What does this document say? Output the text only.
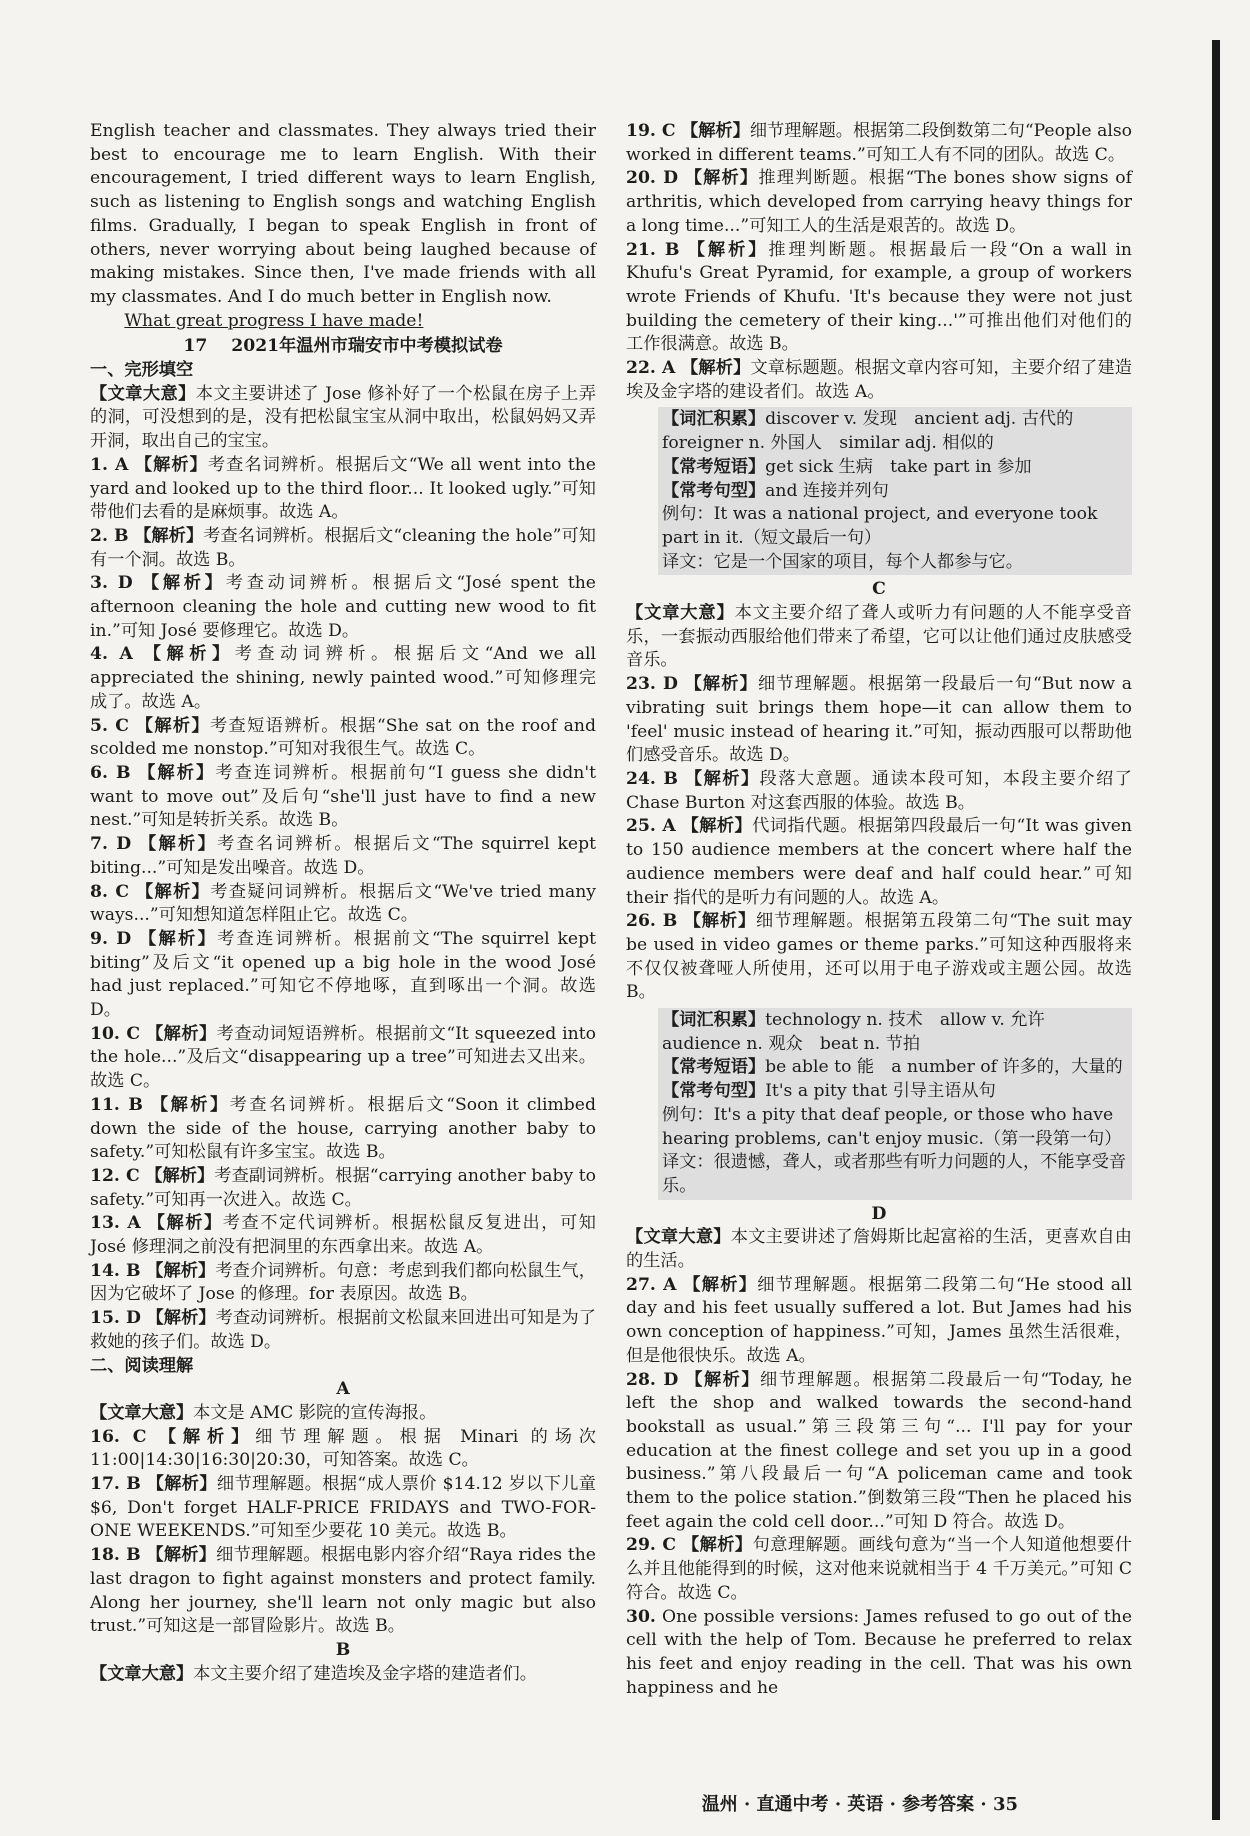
English teacher and classmates. They always tried their best to encourage me to learn English. With their encouragement, I tried different ways to learn English, such as listening to English songs and watching English films. Gradually, I began to speak English in front of others, never worrying about being laughed because of making mistakes. Since then, I've made friends with all my classmates. And I do much better in English now.

What great progress I have made!

17 2021年温州市瑞安市中考模拟试卷

一、完形填空

【文章大意】本文主要讲述了 Jose 修补好了一个松鼠在房子上弄的洞，可没想到的是，没有把松鼠宝宝从洞中取出，松鼠妈妈又弄开洞，取出自己的宝宝。

1. A 【解析】考查名词辨析。根据后文“We all went into the yard and looked up to the third floor... It looked ugly.”可知带他们去看的是麻烦事。故选 A。

2. B 【解析】考查名词辨析。根据后文“cleaning the hole”可知有一个洞。故选 B。

3. D 【解析】考查动词辨析。根据后文“José spent the afternoon cleaning the hole and cutting new wood to fit in.”可知 José 要修理它。故选 D。

4. A 【解析】考查动词辨析。根据后文“And we all appreciated the shining, newly painted wood.”可知修理完成了。故选 A。

5. C 【解析】考查短语辨析。根据“She sat on the roof and scolded me nonstop.”可知对我很生气。故选 C。

6. B 【解析】考查连词辨析。根据前句“I guess she didn't want to move out”及后句“she'll just have to find a new nest.”可知是转折关系。故选 B。

7. D 【解析】考查名词辨析。根据后文“The squirrel kept biting...”可知是发出噪音。故选 D。

8. C 【解析】考查疑问词辨析。根据后文“We've tried many ways...”可知想知道怎样阻止它。故选 C。

9. D 【解析】考查连词辨析。根据前文“The squirrel kept biting”及后文“it opened up a big hole in the wood José had just replaced.”可知它不停地啄，直到啄出一个洞。故选 D。

10. C 【解析】考查动词短语辨析。根据前文“It squeezed into the hole...”及后文“disappearing up a tree”可知进去又出来。故选 C。

11. B 【解析】考查名词辨析。根据后文“Soon it climbed down the side of the house, carrying another baby to safety.”可知松鼠有许多宝宝。故选 B。

12. C 【解析】考查副词辨析。根据“carrying another baby to safety.”可知再一次进入。故选 C。

13. A 【解析】考查不定代词辨析。根据松鼠反复进出，可知 José 修理洞之前没有把洞里的东西拿出来。故选 A。

14. B 【解析】考查介词辨析。句意：考虑到我们都向松鼠生气，因为它破坏了 Jose 的修理。for 表原因。故选 B。

15. D 【解析】考查动词辨析。根据前文松鼠来回进出可知是为了救她的孩子们。故选 D。

二、阅读理解

A

【文章大意】本文是 AMC 影院的宣传海报。

16. C 【解析】细节理解题。根据 Minari 的场次 11:00|14:30|16:30|20:30，可知答案。故选 C。

17. B 【解析】细节理解题。根据“成人票价 $14.12 岁以下儿童 $6, Don't forget HALF-PRICE FRIDAYS and TWO-FOR-ONE WEEKENDS.”可知至少要花 10 美元。故选 B。

18. B 【解析】细节理解题。根据电影内容介绍“Raya rides the last dragon to fight against monsters and protect family. Along her journey, she'll learn not only magic but also trust.”可知这是一部冒险影片。故选 B。

B

【文章大意】本文主要介绍了建造埃及金字塔的建造者们。

19. C 【解析】细节理解题。根据第二段倒数第二句“People also worked in different teams.”可知工人有不同的团队。故选 C。

20. D 【解析】推理判断题。根据“The bones show signs of arthritis, which developed from carrying heavy things for a long time...”可知工人的生活是艰苦的。故选 D。

21. B 【解析】推理判断题。根据最后一段“On a wall in Khufu's Great Pyramid, for example, a group of workers wrote Friends of Khufu. 'It's because they were not just building the cemetery of their king...'”可推出他们对他们的工作很满意。故选 B。

22. A 【解析】文章标题题。根据文章内容可知，主要介绍了建造埃及金字塔的建设者们。故选 A。

【词汇积累】discover v. 发现　ancient adj. 古代的　foreigner n. 外国人　similar adj. 相似的

【常考短语】get sick 生病　take part in 参加

【常考句型】and 连接并列句

例句：It was a national project, and everyone took part in it.（短文最后一句）

译文：它是一个国家的项目，每个人都参与它。

C

【文章大意】本文主要介绍了聋人或听力有问题的人不能享受音乐，一套振动西服给他们带来了希望，它可以让他们通过皮肤感受音乐。

23. D 【解析】细节理解题。根据第一段最后一句“But now a vibrating suit brings them hope—it can allow them to 'feel' music instead of hearing it.”可知，振动西服可以帮助他们感受音乐。故选 D。

24. B 【解析】段落大意题。通读本段可知，本段主要介绍了 Chase Burton 对这套西服的体验。故选 B。

25. A 【解析】代词指代题。根据第四段最后一句“It was given to 150 audience members at the concert where half the audience members were deaf and half could hear.”可知 their 指代的是听力有问题的人。故选 A。

26. B 【解析】细节理解题。根据第五段第二句“The suit may be used in video games or theme parks.”可知这种西服将来不仅仅被聋哑人所使用，还可以用于电子游戏或主题公园。故选 B。

【词汇积累】technology n. 技术　allow v. 允许　audience n. 观众　beat n. 节拍

【常考短语】be able to 能　a number of 许多的，大量的

【常考句型】It's a pity that 引导主语从句

例句：It's a pity that deaf people, or those who have hearing problems, can't enjoy music.（第一段第一句）

译文：很遗憾，聋人，或者那些有听力问题的人，不能享受音乐。

D

【文章大意】本文主要讲述了詹姆斯比起富裕的生活，更喜欢自由的生活。

27. A 【解析】细节理解题。根据第二段第二句“He stood all day and his feet usually suffered a lot. But James had his own conception of happiness.”可知，James 虽然生活很难，但是他很快乐。故选 A。

28. D 【解析】细节理解题。根据第二段最后一句“Today, he left the shop and walked towards the second-hand bookstall as usual.”第三段第三句“... I'll pay for your education at the finest college and set you up in a good business.”第八段最后一句“A policeman came and took them to the police station.”倒数第三段“Then he placed his feet again the cold cell door...”可知 D 符合。故选 D。

29. C 【解析】句意理解题。画线句意为“当一个人知道他想要什么并且他能得到的时候，这对他来说就相当于 4 千万美元。”可知 C 符合。故选 C。

30. One possible versions: James refused to go out of the cell with the help of Tom. Because he preferred to relax his feet and enjoy reading in the cell. That was his own happiness and he

温州 · 直通中考 · 英语 · 参考答案 · 35
